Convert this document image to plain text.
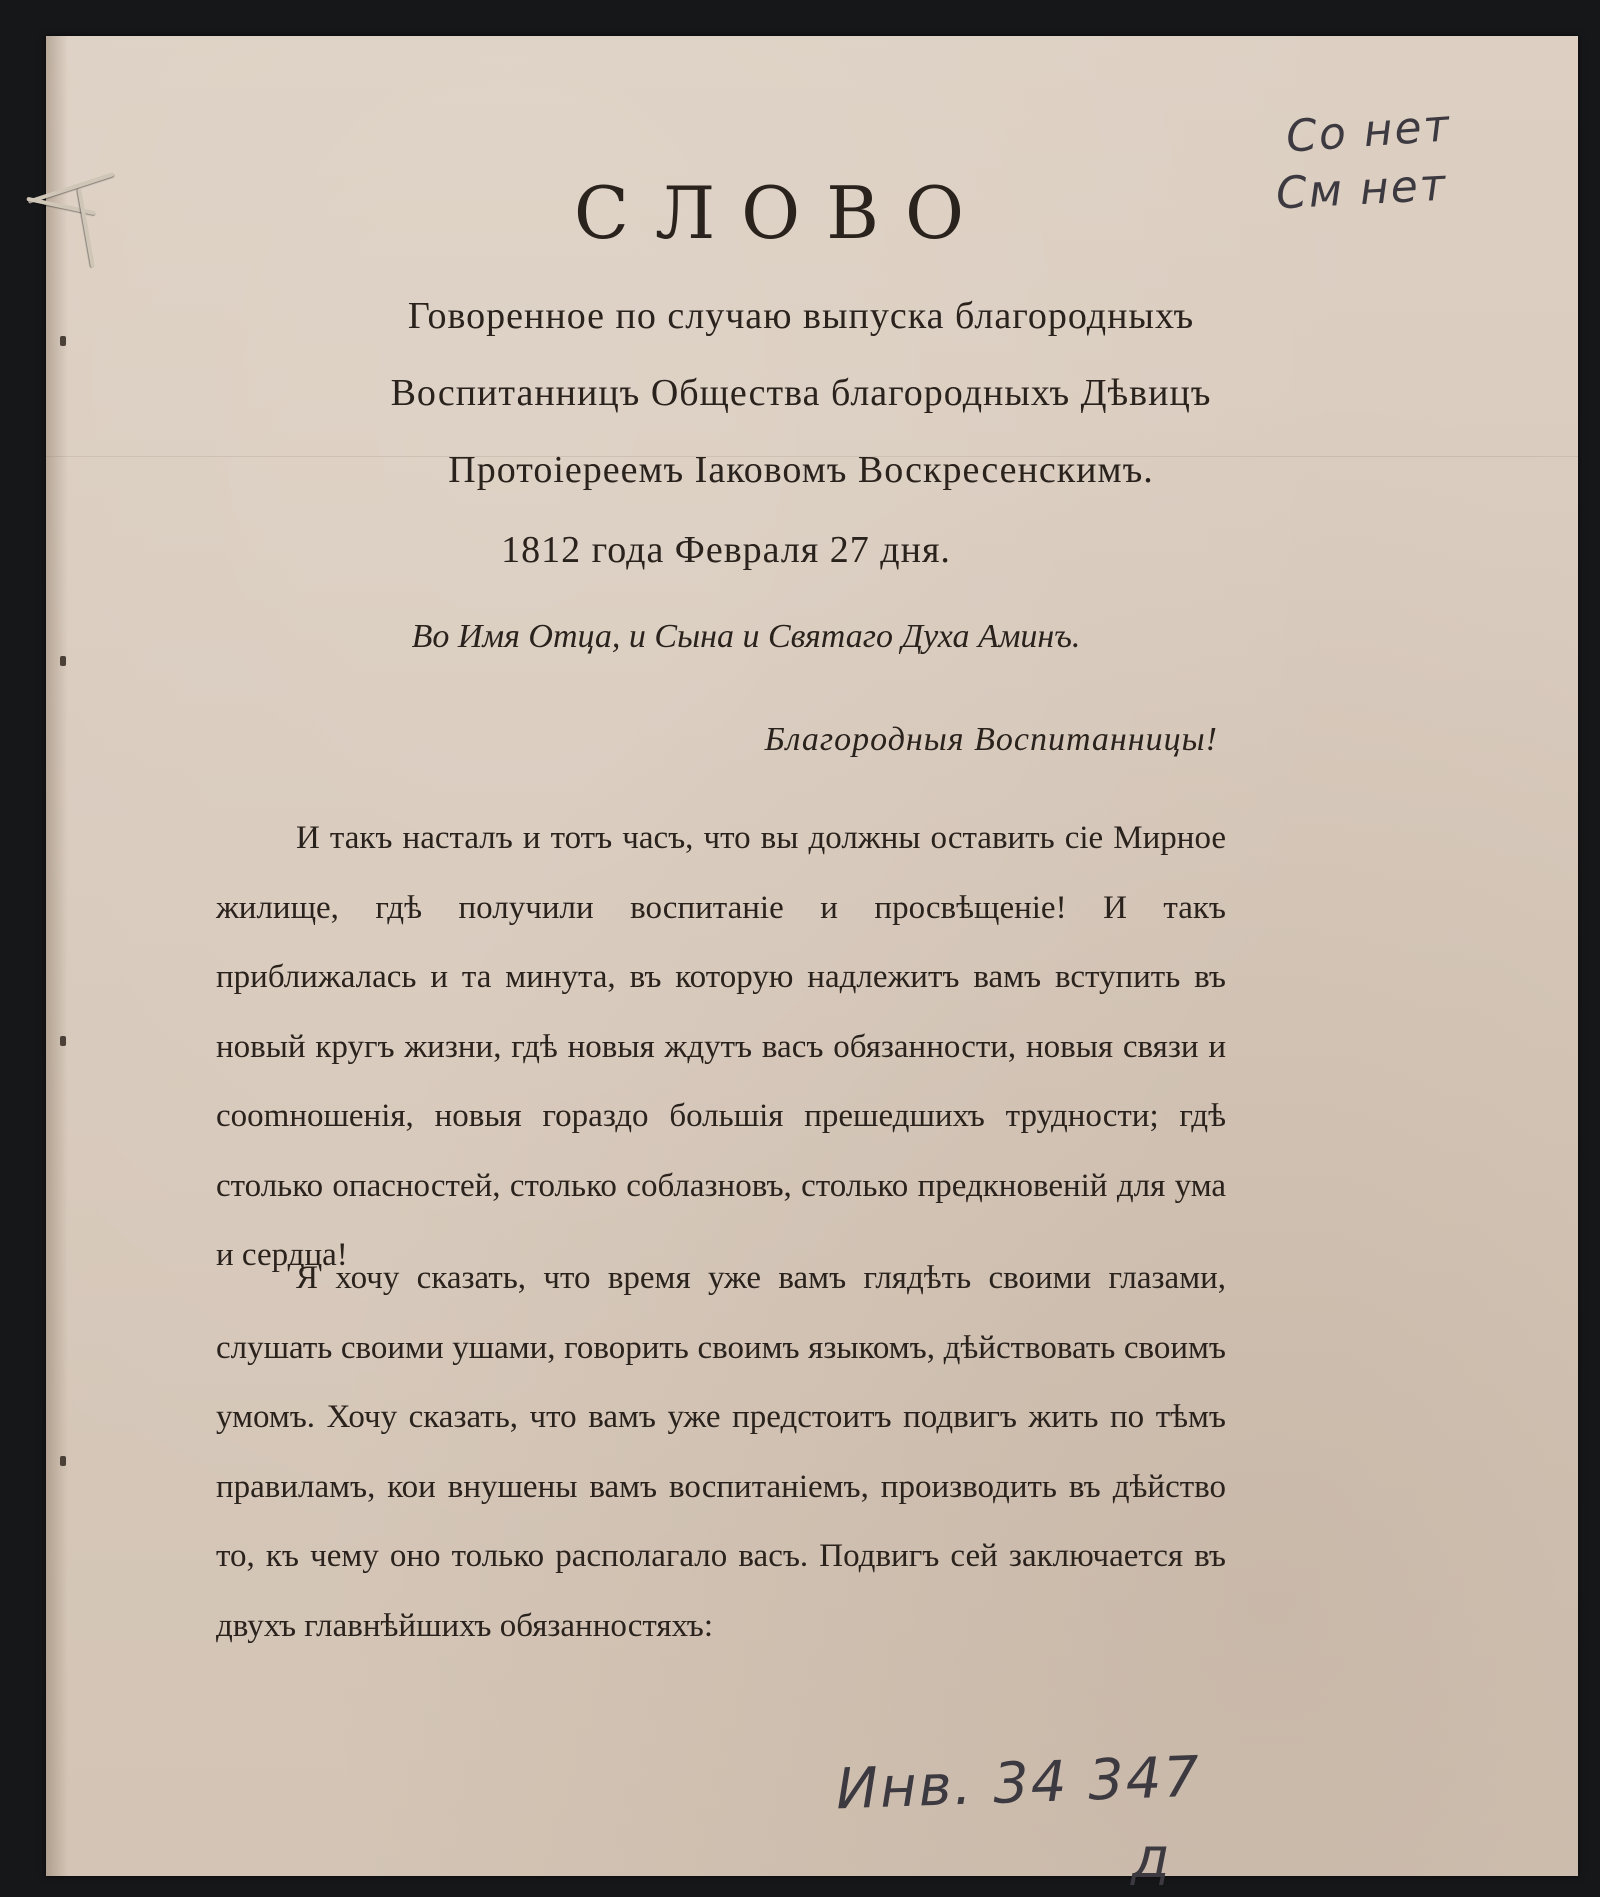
Со нет
См нет
СЛОВО
Говоренное по случаю выпуска благородныхъ
Воспитанницъ Общества благородныхъ Дѣвицъ
Протоіереемъ Іаковомъ Воскресенскимъ.
1812 года Февраля 27 дня.
Во Имя Отца, и Сына и Святаго Духа Аминъ.
Благородныя Воспитанницы!
И такъ насталъ и тотъ часъ, что вы должны оставить сіе Мирное жилище, гдѣ получили воспитаніе и просвѣщеніе! И такъ приближалась и та минута, въ которую надлежитъ вамъ вступить въ новый кругъ жизни, гдѣ новыя ждутъ васъ обязанности, новыя связи и сооmношенія, новыя гораздо большія прешедшихъ трудности; гдѣ столько опасностей, столько соблазновъ, столько предкновеній для ума и сердца!
Я хочу сказать, что время уже вамъ глядѣть своими глазами, слушать своими ушами, говорить своимъ языкомъ, дѣйствовать своимъ умомъ. Хочу сказать, что вамъ уже предстоитъ подвигъ жить по тѣмъ правиламъ, кои внушены вамъ воспитаніемъ, производить въ дѣйство то, къ чему оно только располагало васъ. Подвигъ сей заключается въ двухъ главнѣйшихъ обязанностяхъ:
Инв. 34 347
д
